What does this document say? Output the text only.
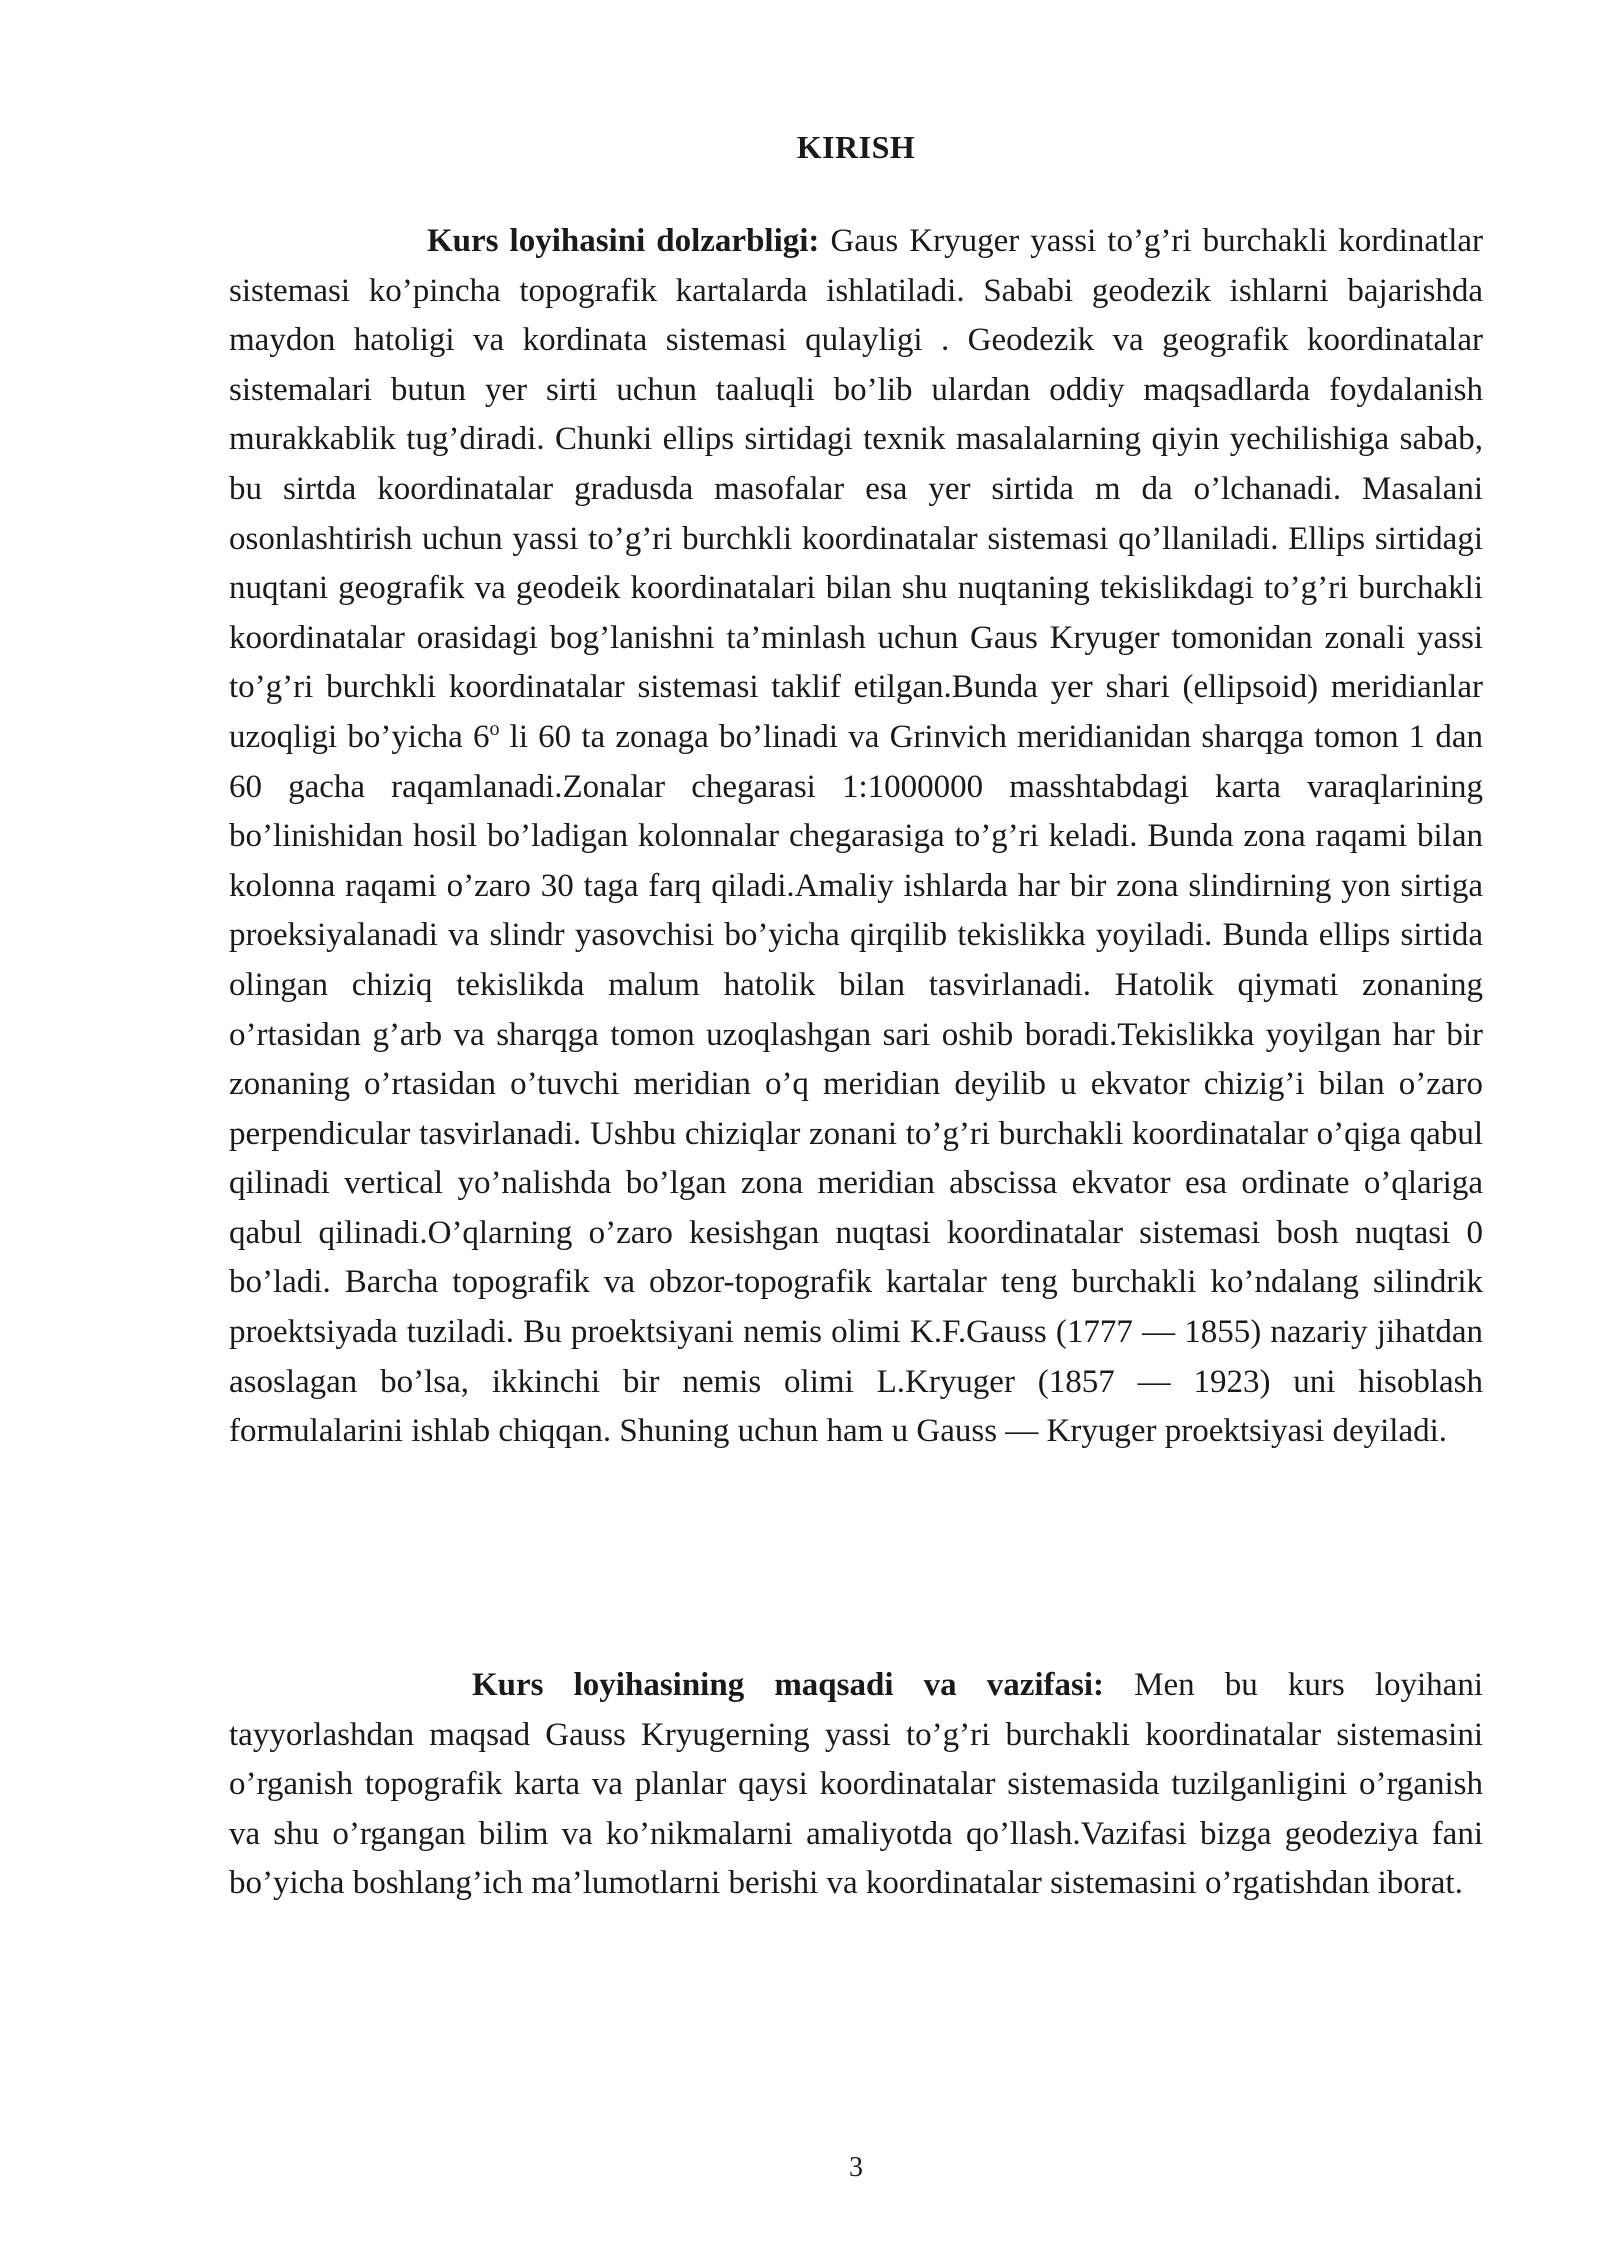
KIRISH

Kurs loyihasini dolzarbligi: Gaus Kryuger yassi to’g’ri burchakli kordinatlar sistemasi ko’pincha topografik kartalarda ishlatiladi. Sababi geodezik ishlarni bajarishda maydon hatoligi va kordinata sistemasi qulayligi . Geodezik va geografik koordinatalar sistemalari butun yer sirti uchun taaluqli bo’lib ulardan oddiy maqsadlarda foydalanish murakkablik tug’diradi. Chunki ellips sirtidagi texnik masalalarning qiyin yechilishiga sabab, bu sirtda koordinatalar gradusda masofalar esa yer sirtida m da o’lchanadi. Masalani osonlashtirish uchun yassi to’g’ri burchkli koordinatalar sistemasi qo’llaniladi. Ellips sirtidagi nuqtani geografik va geodeik koordinatalari bilan shu nuqtaning tekislikdagi to’g’ri burchakli koordinatalar orasidagi bog’lanishni ta’minlash uchun Gaus Kryuger tomonidan zonali yassi to’g’ri burchkli koordinatalar sistemasi taklif etilgan.Bunda yer shari (ellipsoid) meridianlar uzoqligi bo’yicha 6$^o$ li 60 ta zonaga bo’linadi va Grinvich meridianidan sharqga tomon 1 dan 60 gacha raqamlanadi.Zonalar chegarasi 1:1000000 masshtabdagi karta varaqlarining bo’linishidan hosil bo’ladigan kolonnalar chegarasiga to’g’ri keladi. Bunda zona raqami bilan kolonna raqami o’zaro 30 taga farq qiladi.Amaliy ishlarda har bir zona slindirning yon sirtiga proeksiyalanadi va slindr yasovchisi bo’yicha qirqilib tekislikka yoyiladi. Bunda ellips sirtida olingan chiziq tekislikda malum hatolik bilan tasvirlanadi. Hatolik qiymati zonaning o’rtasidan g’arb va sharqga tomon uzoqlashgan sari oshib boradi.Tekislikka yoyilgan har bir zonaning o’rtasidan o’tuvchi meridian o’q meridian deyilib u ekvator chizig’i bilan o’zaro perpendicular tasvirlanadi. Ushbu chiziqlar zonani to’g’ri burchakli koordinatalar o’qiga qabul qilinadi vertical yo’nalishda bo’lgan zona meridian abscissa ekvator esa ordinate o’qlariga qabul qilinadi.O’qlarning o’zaro kesishgan nuqtasi koordinatalar sistemasi bosh nuqtasi 0 bo’ladi. Barcha topografik va obzor-topografik kartalar teng burchakli ko’ndalang silindrik proektsiyada tuziladi. Bu proektsiyani nemis olimi K.F.Gauss (1777 — 1855) nazariy jihatdan asoslagan bo’lsa, ikkinchi bir nemis olimi L.Kryuger (1857 — 1923) uni hisoblash formulalarini ishlab chiqqan. Shuning uchun ham u Gauss — Kryuger proektsiyasi deyiladi.

Kurs loyihasining maqsadi va vazifasi: Men bu kurs loyihani tayyorlashdan maqsad Gauss Kryugerning yassi to’g’ri burchakli koordinatalar sistemasini o’rganish topografik karta va planlar qaysi koordinatalar sistemasida tuzilganligini o’rganish va shu o’rgangan bilim va ko’nikmalarni amaliyotda qo’llash.Vazifasi bizga geodeziya fani bo’yicha boshlang’ich ma’lumotlarni berishi va koordinatalar sistemasini o’rgatishdan iborat.

3
